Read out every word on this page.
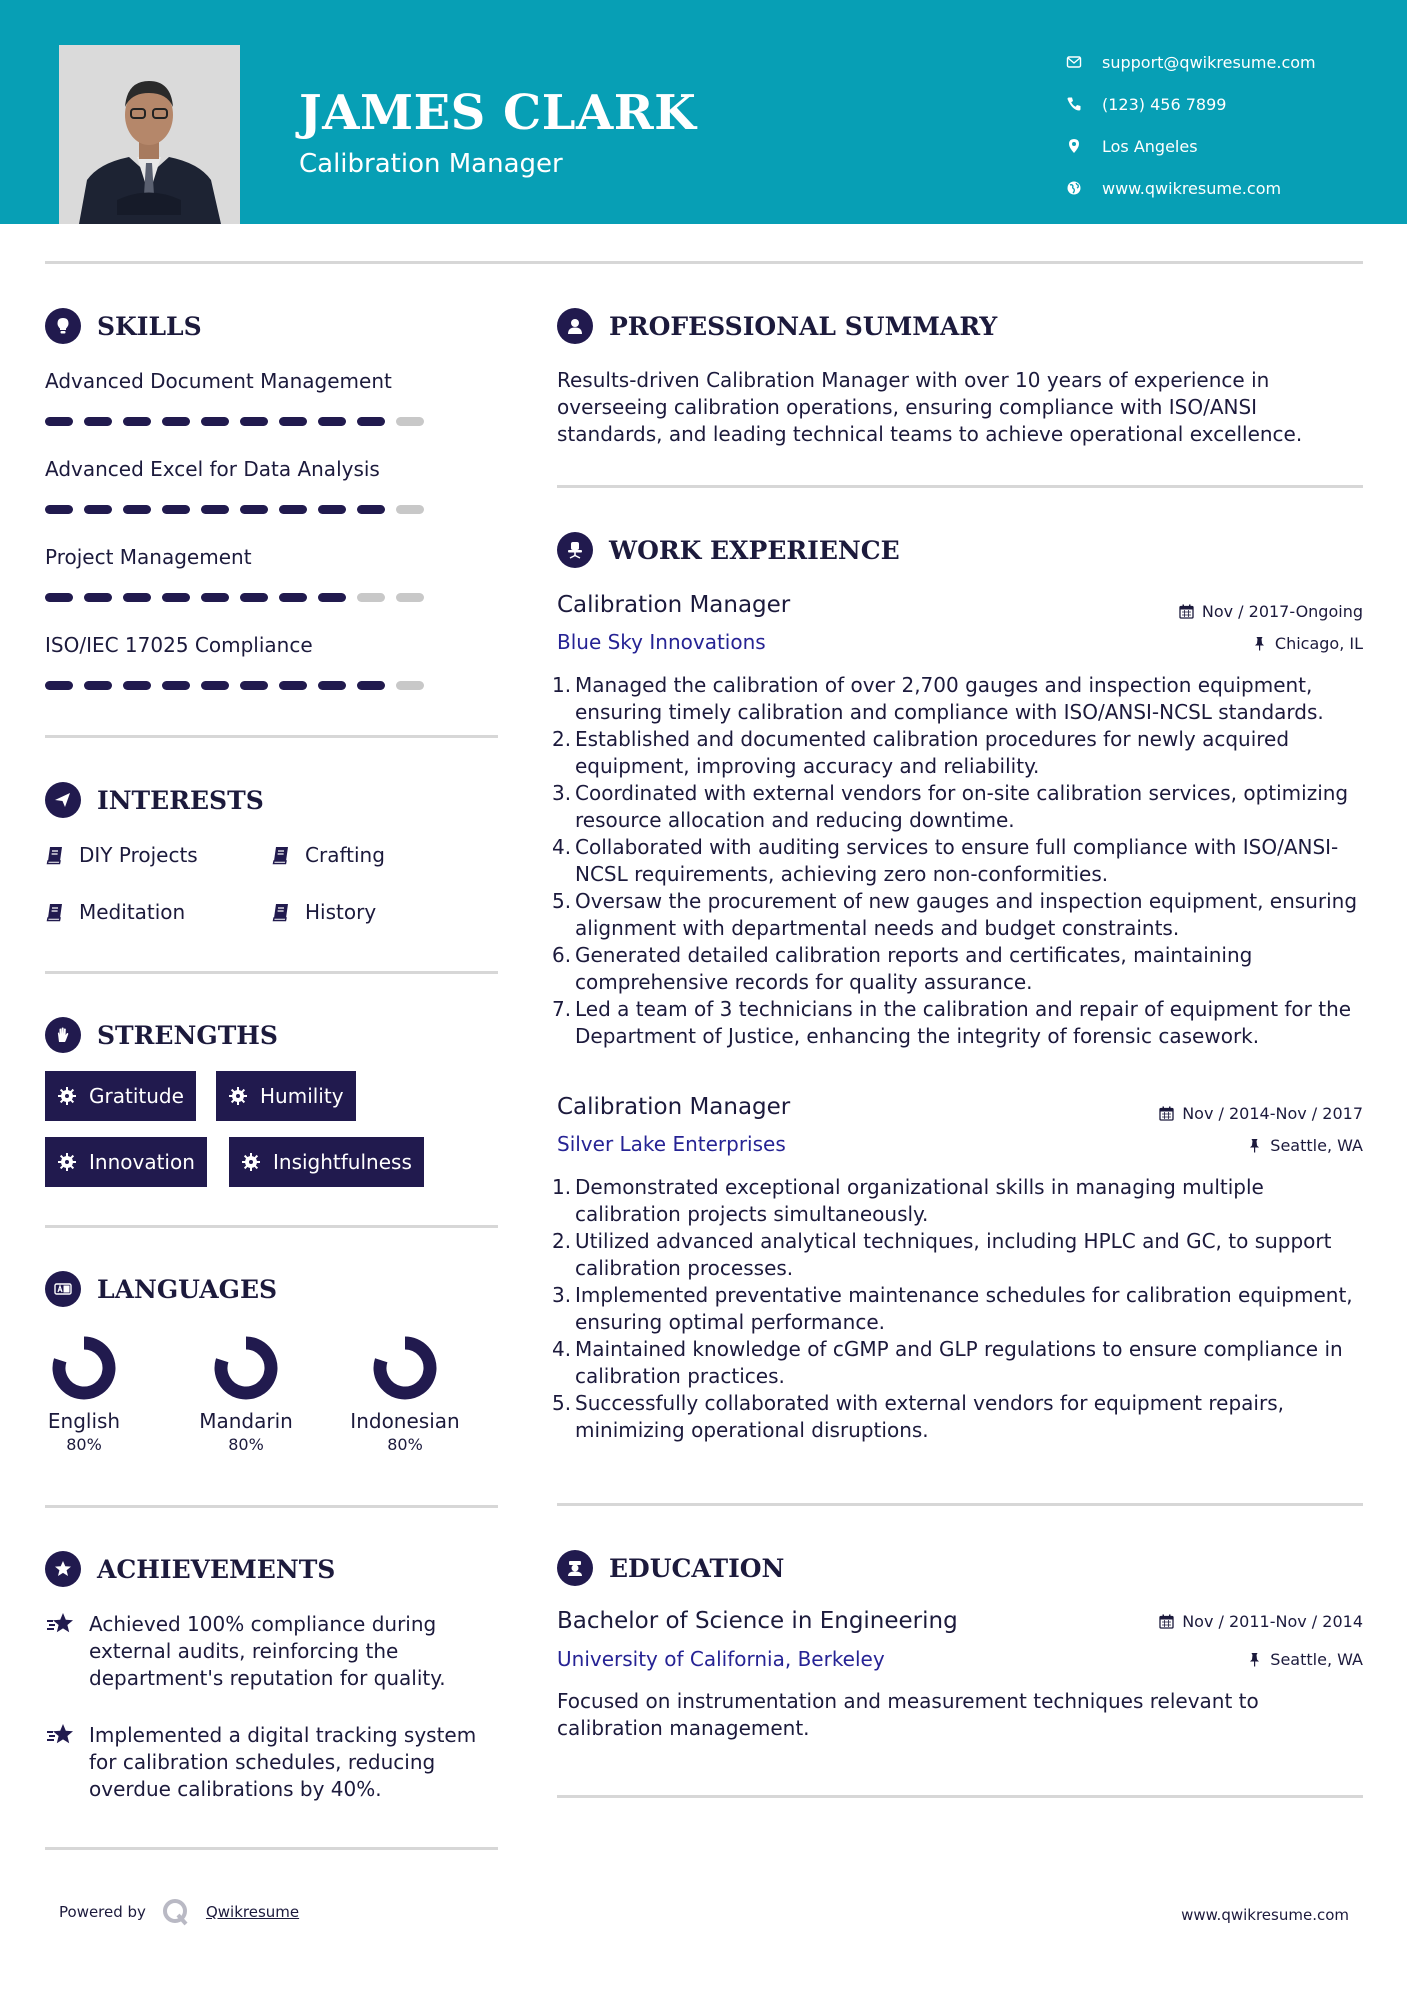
JAMES CLARK
Calibration Manager
support@qwikresume.com
(123) 456 7899
Los Angeles
www.qwikresume.com
SKILLS
Advanced Document Management
Advanced Excel for Data Analysis
Project Management
ISO/IEC 17025 Compliance
INTERESTS
DIY Projects	Crafting
Meditation	History
STRENGTHS
Gratitude	Humility
Innovation	Insightfulness
LANGUAGES
English
80%
Mandarin
80%
Indonesian
80%
ACHIEVEMENTS
Achieved 100% compliance during external audits, reinforcing the department's reputation for quality.
Implemented a digital tracking system for calibration schedules, reducing overdue calibrations by 40%.
PROFESSIONAL SUMMARY
Results-driven Calibration Manager with over 10 years of experience in overseeing calibration operations, ensuring compliance with ISO/ANSI standards, and leading technical teams to achieve operational excellence.
WORK EXPERIENCE
Calibration Manager	Nov / 2017-Ongoing
Blue Sky Innovations	Chicago, IL
1. Managed the calibration of over 2,700 gauges and inspection equipment, ensuring timely calibration and compliance with ISO/ANSI-NCSL standards.
2. Established and documented calibration procedures for newly acquired equipment, improving accuracy and reliability.
3. Coordinated with external vendors for on-site calibration services, optimizing resource allocation and reducing downtime.
4. Collaborated with auditing services to ensure full compliance with ISO/ANSI-NCSL requirements, achieving zero non-conformities.
5. Oversaw the procurement of new gauges and inspection equipment, ensuring alignment with departmental needs and budget constraints.
6. Generated detailed calibration reports and certificates, maintaining comprehensive records for quality assurance.
7. Led a team of 3 technicians in the calibration and repair of equipment for the Department of Justice, enhancing the integrity of forensic casework.
Calibration Manager	Nov / 2014-Nov / 2017
Silver Lake Enterprises	Seattle, WA
1. Demonstrated exceptional organizational skills in managing multiple calibration projects simultaneously.
2. Utilized advanced analytical techniques, including HPLC and GC, to support calibration processes.
3. Implemented preventative maintenance schedules for calibration equipment, ensuring optimal performance.
4. Maintained knowledge of cGMP and GLP regulations to ensure compliance in calibration practices.
5. Successfully collaborated with external vendors for equipment repairs, minimizing operational disruptions.
EDUCATION
Bachelor of Science in Engineering	Nov / 2011-Nov / 2014
University of California, Berkeley	Seattle, WA
Focused on instrumentation and measurement techniques relevant to calibration management.
Powered by	Qwikresume	www.qwikresume.com
